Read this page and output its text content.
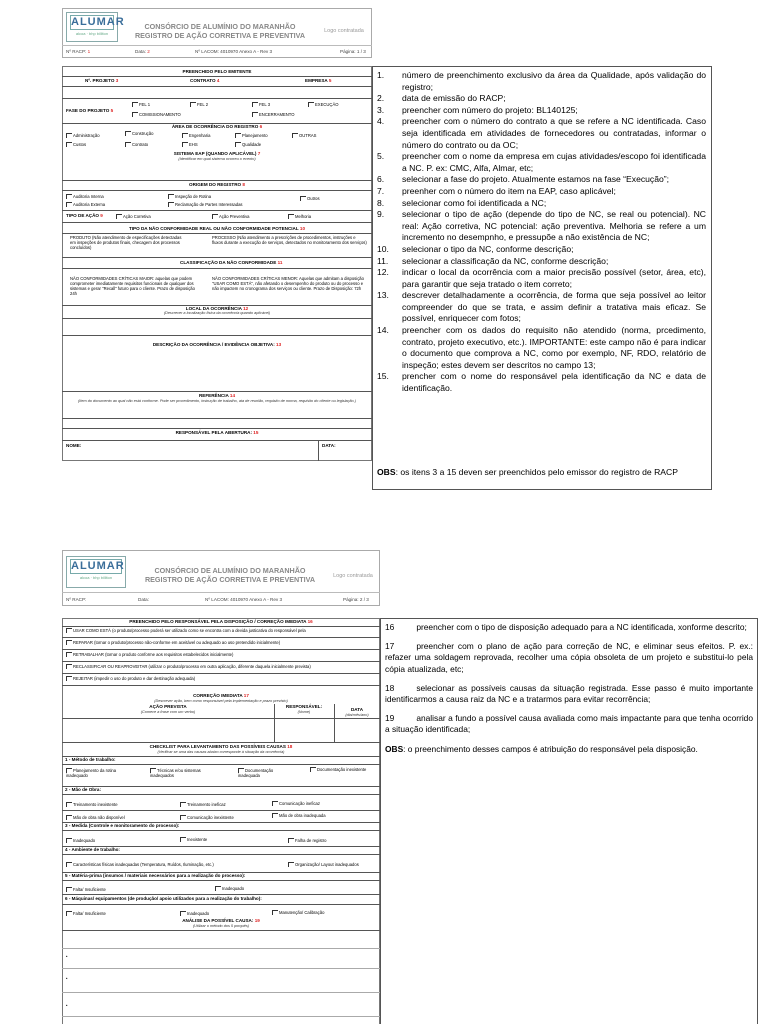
ALUMAR
alcoa · bhp billiton
CONSÓRCIO DE ALUMÍNIO DO MARANHÃO
REGISTRO DE AÇÃO CORRETIVA E PREVENTIVA	Logo contratada
Nº RACP: 1	Data: 2	Nº LACOM: 4010970 Anexo A - Rev 3	Página: 1 / 3
PREENCHIDO PELO EMITENTE
Nº. PROJETO 3	CONTRATO 4	EMPRESA 5
FASE DO PROJETO 5
FEL 1	FEL 2	FEL 3	EXECUÇÃO
COMISSIONAMENTO	ENCERRAMENTO
ÁREA DE OCORRÊNCIA DO REGISTRO 6
Administração	Construção	Engenharia	Planejamento	OUTRAS
Custos	Contrato	EHS	Qualidade
SISTEMA EAP (QUANDO APLICÁVEL) 7
(Identificar em qual sistema ocorreu o evento)
ORIGEM DO REGISTRO 8
Auditoria Interna	Inspeção de Rotina	Outros
Auditoria Externa	Reclamação de Partes Interessadas
TIPO DE AÇÃO 9	Ação Corretiva	Ação Preventiva	Melhoria
TIPO DA NÃO CONFORMIDADE REAL OU NÃO CONFORMIDADE POTENCIAL 10
PRODUTO (Não atendimento de especificações detectadas em inspeções de produtos finais, checagem dos processos concluídos)
PROCESSO (Não atendimento a prescrições de procedimentos, instruções e fluxos durante a execução de serviços, detectados no monitoramento dos serviços)
CLASSIFICAÇÃO DA NÃO CONFORMIDADE 11
NÃO CONFORMIDADES CRÍTICAS MAIOR: aquelas que podem comprometer imediatamente requisitos funcionais de qualquer dos sistemas e gerar "Recall" futuro para o cliente. Prazo de disposição 24h
NÃO CONFORMIDADES CRÍTICAS MENOR: Aquelas que admitam a disposição "USAR COMO ESTÁ", não afetando o desempenho do produto ou do processo e não impactem no cronograma dos serviços ou cliente. Prazo de Disposição: 72h
LOCAL DA OCORRÊNCIA 12
(Descrever a localização física da ocorrência quando aplicável)
DESCRIÇÃO DA OCORRÊNCIA / EVIDÊNCIA OBJETIVA: 13
REFERÊNCIA 14
(Item do documento ao qual não está conforme. Pode ser procedimento, instrução de trabalho, ata de reunião, requisito de norma, requisito do cliente ou legislação.)
RESPONSÁVEL PELA ABERTURA: 15
NOME:	DATA:
1.	número de preenchimento exclusivo da área da Qualidade, após validação do registro;
2.	data de emissão do RACP;
3.	preencher com número do projeto: BL140125;
4.	preencher com o número do contrato a que se refere a NC identificada. Caso seja identificada em atividades de fornecedores ou contratadas, informar o número do contrato ou da OC;
5.	preencher com o nome da empresa em cujas atividades/escopo foi identificada a NC. P. ex: CMC, Alfa, Almar, etc;
6.	selecionar a fase do projeto. Atualmente estamos na fase “Execução”;
7.	preenher com o número do item na EAP, caso aplicável;
8.	selecionar como foi identificada a NC;
9.	selecionar o tipo de ação (depende do tipo de NC, se real ou potencial). NC real: Ação corretiva, NC potencial: ação preventiva. Melhoria se refere a um incremento no desempnho, e pressupõe a não existência de NC;
10.	selecionar o tipo da NC, conforme descrição;
11.	selecionar a classificação da NC, conforme descrição;
12.	indicar o local da ocorrência com a maior precisão possível (setor, área, etc), para garantir que seja tratado o item correto;
13.	descrever detalhadamente a ocorrência, de forma que seja possível ao leitor compreender do que se trata, e assim definir a tratativa mais eficaz. Se possível, enriquecer com fotos;
14.	preencher com os dados do requisito não atendido (norma, prcedimento, contrato, projeto executivo, etc.). IMPORTANTE: este campo não é para indicar o documento que comprova a NC, como por exemplo, NF, RDO, relatório de inspeção; estes devem ser descritos no campo 13;
15.	prencher com o nome do responsável pela identificação da NC e data de identificação.
OBS: os itens 3 a 15 deven ser preenchidos pelo emissor do registro de RACP
ALUMAR
alcoa · bhp billiton
CONSÓRCIO DE ALUMÍNIO DO MARANHÃO
REGISTRO DE AÇÃO CORRETIVA E PREVENTIVA	Logo contratada
Nº RACP:	Data:	Nº LACOM: 4010970 Anexo A - Rev 3	Página: 2 / 3
PREENCHIDO PELO RESPONSÁVEL PELA DISPOSIÇÃO / CORREÇÃO IMEDIATA 16
USAR COMO ESTÁ (o produto/processo poderá ser utilizado como se encontra com a devida justicativa do responsável pela
REPARAR (tornar o produto/processo não-conforme em aceitável ou adequado ao uso pretendido inicialmente)
RETRABALHAR (tornar o produto conforme aos requisitos estabelecidos inicialmente)
RECLASSIFICAR OU REAPROVEITAR (utilizar o produto/processo em outra aplicação, diferente daquela inicialmente prevista)
REJEITAR (impedir o uso do produto e dar destinação adequada)
CORREÇÃO IMEDIATA 17
(Descrever ação, bem como responsável pela implementação e prazo previsto)
AÇÃO PREVISTA
(Comece a frase com um verbo)
RESPONSÁVEL:
(Nome)	DATA
(dia/mês/ano)
CHECKLIST PARA LEVANTAMENTO DAS POSSÍVEIS CAUSAS 18
(Verificar se uma das causas abaixo corresponde à situação da ocorrência)
1 - Método de trabalho:
Planejamento da rotina inadequado
Técnicas e/ou sistemas inadequados
Documentação inadequada
Documentação inexistente
2 - Mão de Obra:
Treinamento inexistente	Treinamento ineficaz	Comunicação ineficaz
Mão de obra não disponível	Comunicação inexistente	Mão de obra inadequada
3 - Medida (Controle e monitoramento do processo):
Inadequado	Inexistente	Falha de registro
4 - Ambiente de trabalho:
Características físicas inadequadas (Temperatura, Ruídos, Iluminação, etc.)	Organização/ Layout inadequados
5 - Matéria-prima (insumos / materiais necessários para a realização do processo):
Falta/ Insuficiente	Inadequado
6 - Máquinas/ equipamentos (de produção/ apoio utilizados para a realização do trabalho):
Falta/ Insuficiente	Inadequado	Manutenção/ Calibração
ANÁLISE DA POSSÍVEL CAUSA: 19
(Utilizar o método dos 5 porquês)
•
•
•

16	preencher com o tipo de disposição adequado para a NC identificada, xonforme descrito;

17	preencher com o plano de ação para correção de NC, e eliminar seus efeitos. P. ex.: refazer uma soldagem reprovada, recolher uma cópia obsoleta de um projeto e substitui-lo pela cópia atualizada, etc;

18	selecionar as possíveis causas da situação registrada. Esse passo é muito importante identificarmos a causa raiz da NC e a tratarmos para evitar recorrência;

19	analisar a fundo a possível causa avaliada como mais impactante para que tenha ocorrido a situação identificada;

OBS: o preenchimento desses campos é atribuição do responsável pela disposição.
